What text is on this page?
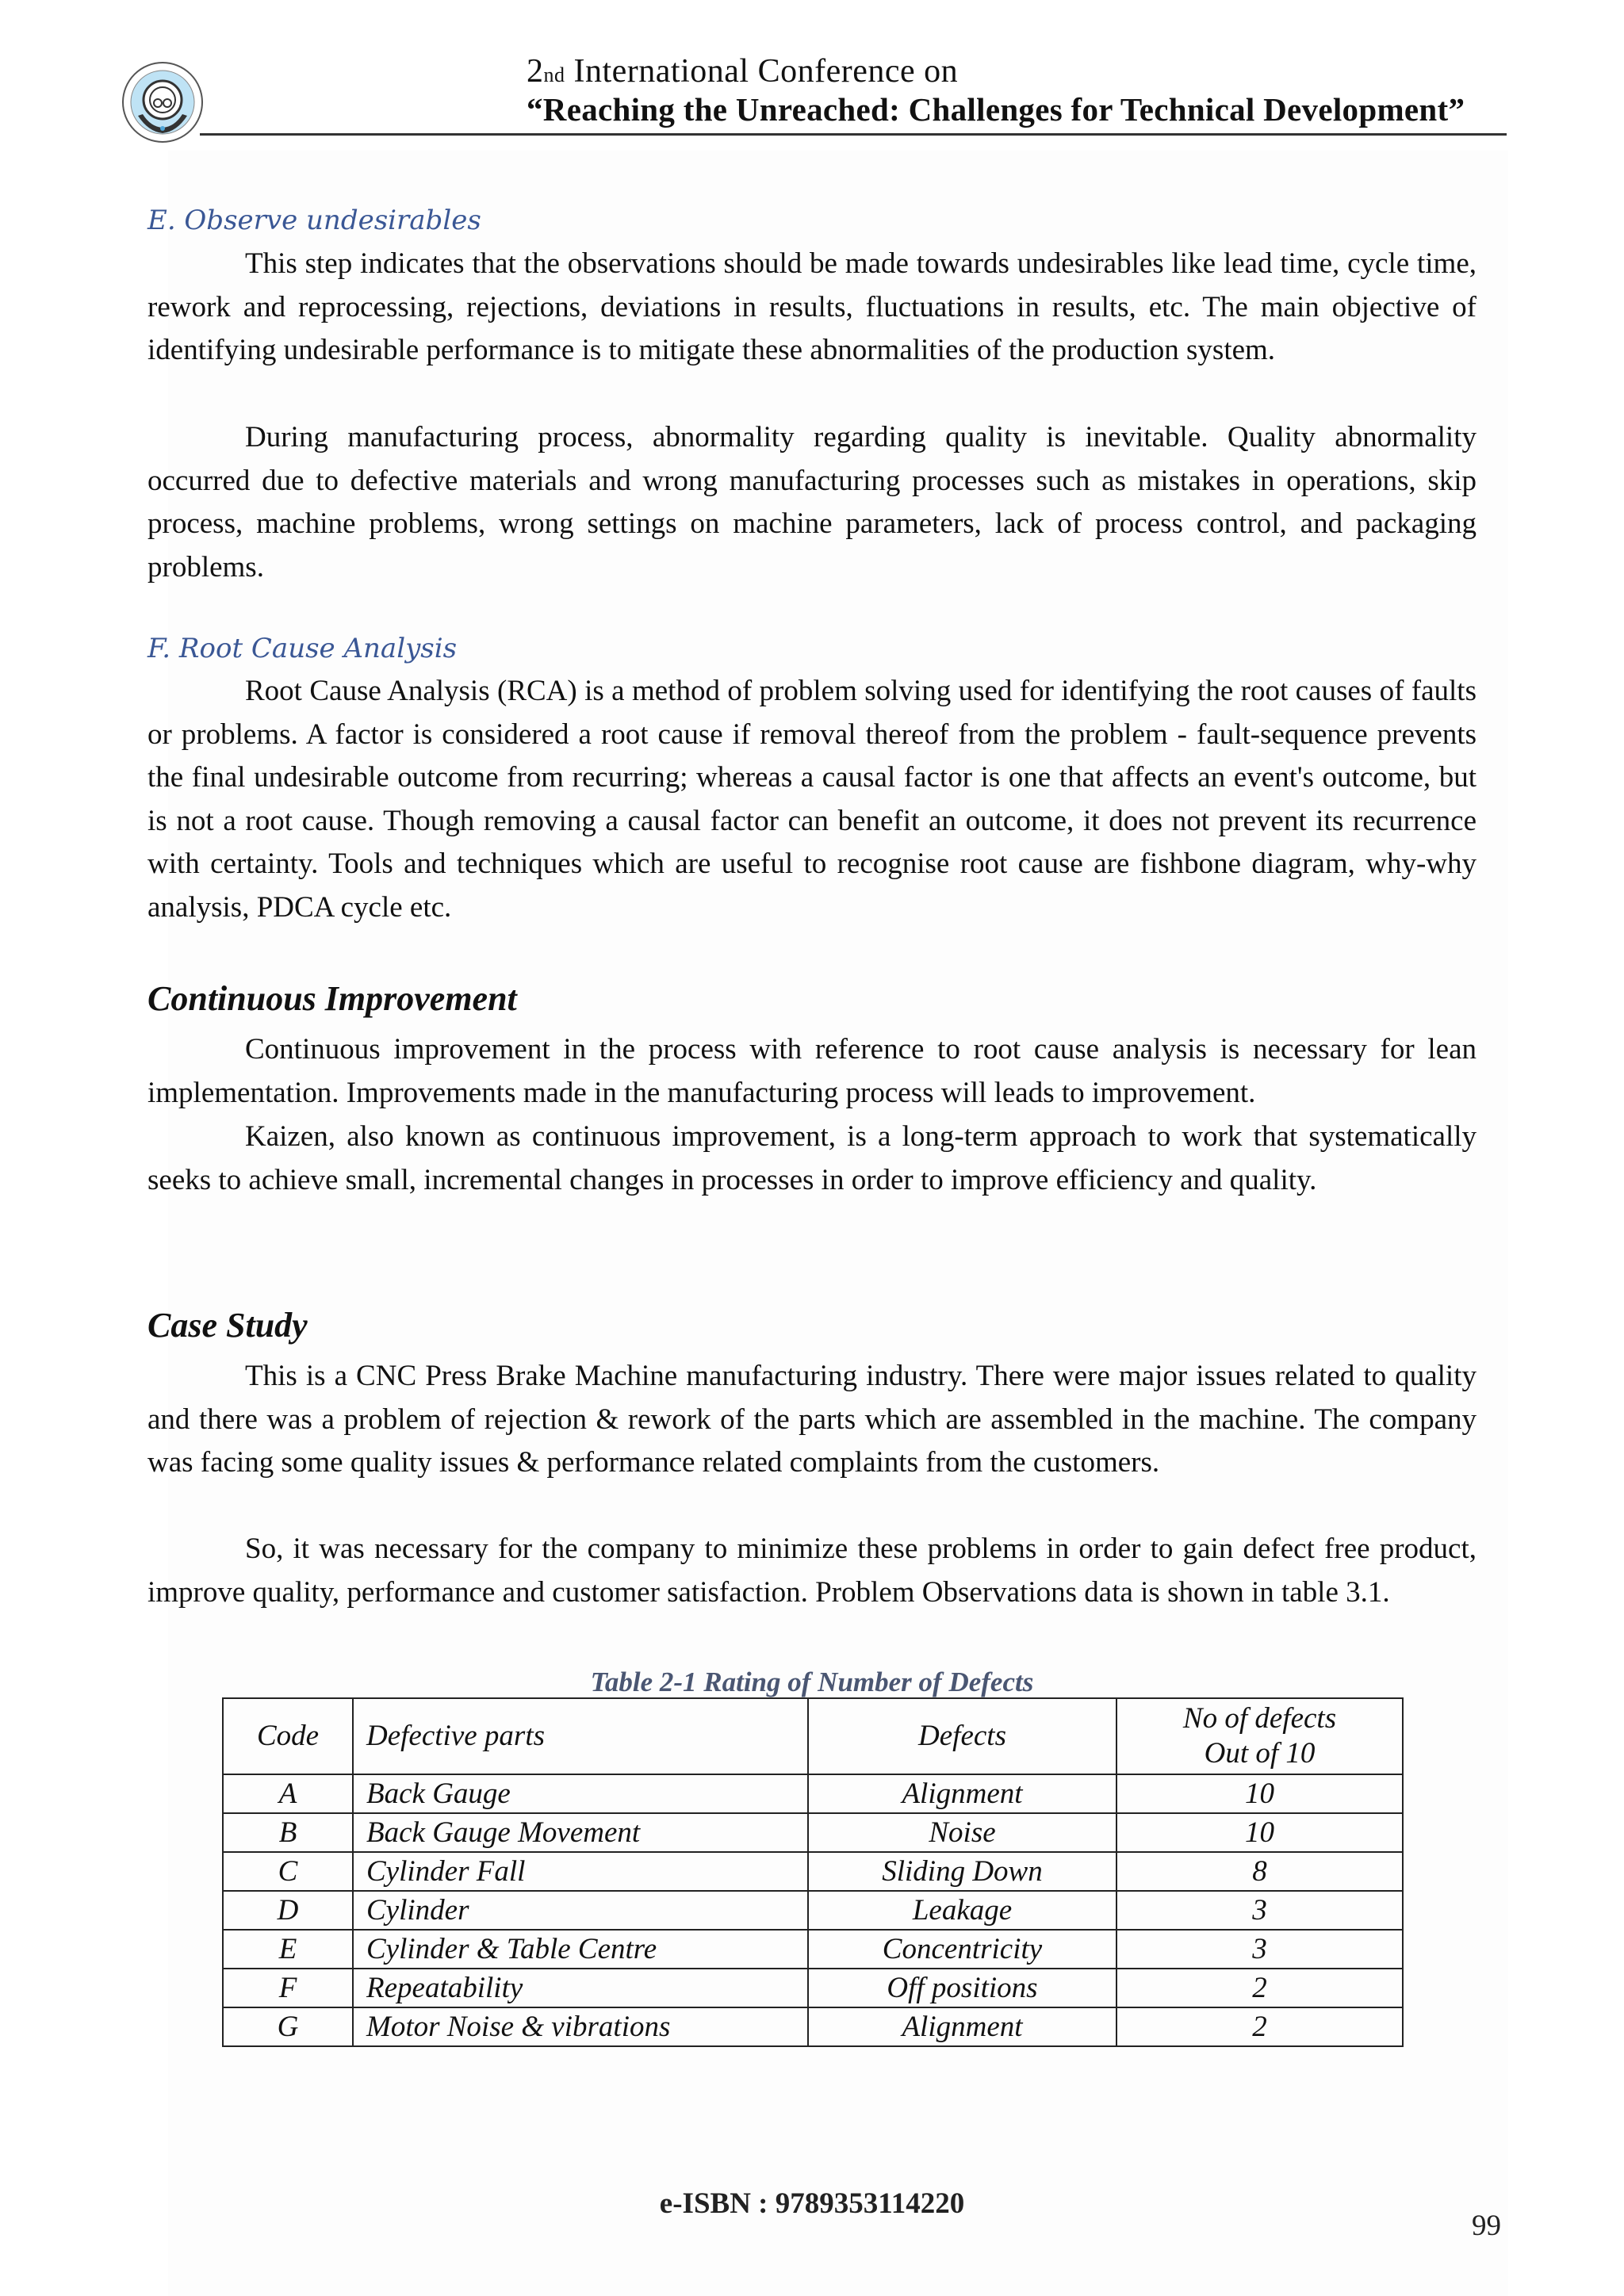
2nd International Conference on
“Reaching the Unreached: Challenges for Technical Development”
E. Observe undesirables
This step indicates that the observations should be made towards undesirables like lead time, cycle time, rework and reprocessing, rejections, deviations in results, fluctuations in results, etc. The main objective of identifying undesirable performance is to mitigate these abnormalities of the production system.
During manufacturing process, abnormality regarding quality is inevitable. Quality abnormality occurred due to defective materials and wrong manufacturing processes such as mistakes in operations, skip process, machine problems, wrong settings on machine parameters, lack of process control, and packaging problems.
F. Root Cause Analysis
Root Cause Analysis (RCA) is a method of problem solving used for identifying the root causes of faults or problems. A factor is considered a root cause if removal thereof from the problem - fault-sequence prevents the final undesirable outcome from recurring; whereas a causal factor is one that affects an event's outcome, but is not a root cause. Though removing a causal factor can benefit an outcome, it does not prevent its recurrence with certainty. Tools and techniques which are useful to recognise root cause are fishbone diagram, why-why analysis, PDCA cycle etc.
Continuous Improvement
Continuous improvement in the process with reference to root cause analysis is necessary for lean implementation. Improvements made in the manufacturing process will leads to improvement.
Kaizen, also known as continuous improvement, is a long-term approach to work that systematically seeks to achieve small, incremental changes in processes in order to improve efficiency and quality.
Case Study
This is a CNC Press Brake Machine manufacturing industry. There were major issues related to quality and there was a problem of rejection & rework of the parts which are assembled in the machine. The company was facing some quality issues & performance related complaints from the customers.
So, it was necessary for the company to minimize these problems in order to gain defect free product, improve quality, performance and customer satisfaction. Problem Observations data is shown in table 3.1.
Table 2-1 Rating of Number of Defects
Code	Defective parts	Defects	No of defects
Out of 10
A	Back Gauge	Alignment	10
B	Back Gauge Movement	Noise	10
C	Cylinder Fall	Sliding Down	8
D	Cylinder	Leakage	3
E	Cylinder & Table Centre	Concentricity	3
F	Repeatability	Off positions	2
G	Motor Noise & vibrations	Alignment	2
e-ISBN : 9789353114220
99
